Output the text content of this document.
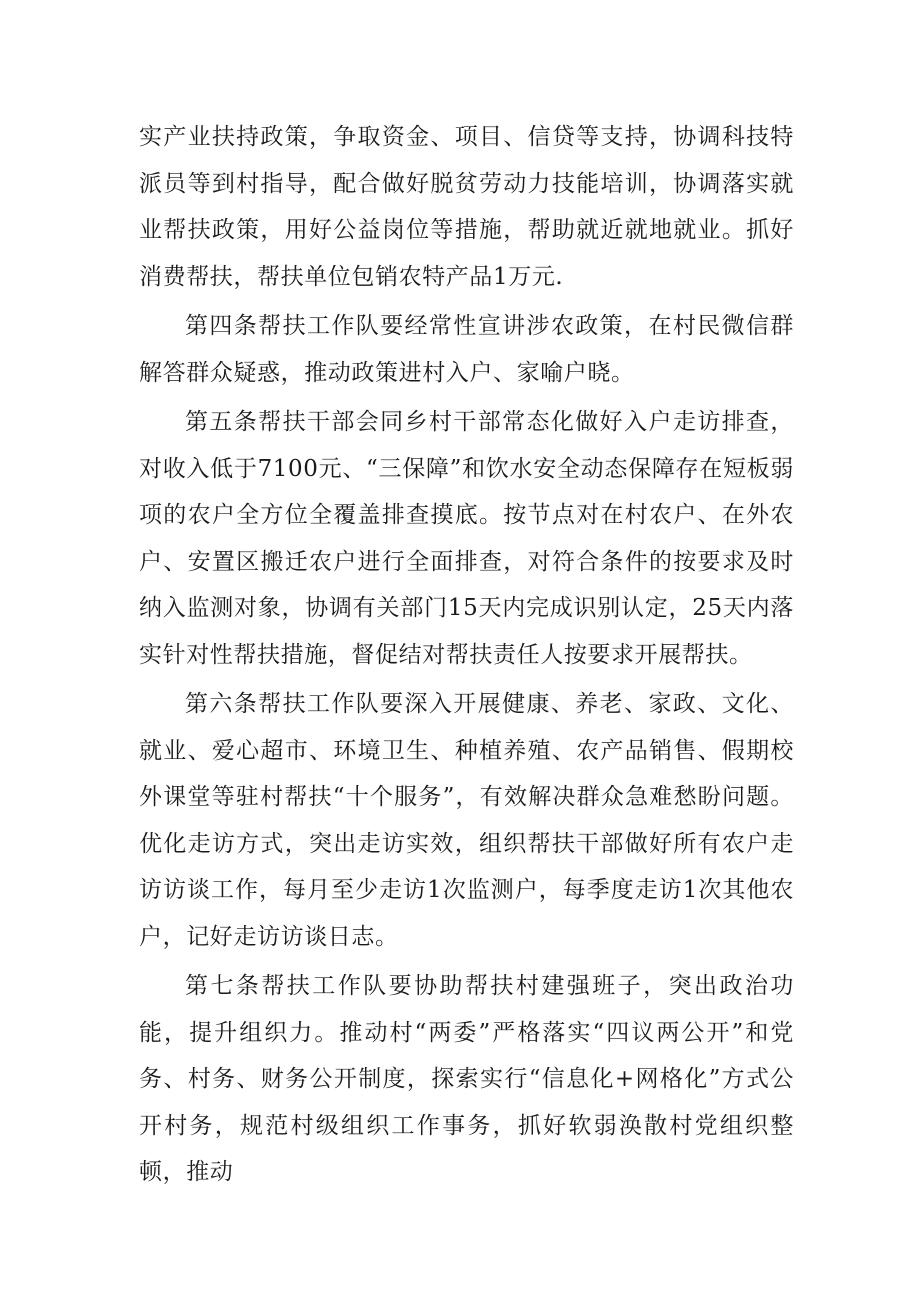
实产业扶持政策，争取资金、项目、信贷等支持，协调科技特派员等到村指导，配合做好脱贫劳动力技能培训，协调落实就业帮扶政策，用好公益岗位等措施，帮助就近就地就业。抓好消费帮扶，帮扶单位包销农特产品1万元.

第四条帮扶工作队要经常性宣讲涉农政策，在村民微信群解答群众疑惑，推动政策进村入户、家喻户晓。

第五条帮扶干部会同乡村干部常态化做好入户走访排查，对收入低于7100元、“三保障”和饮水安全动态保障存在短板弱项的农户全方位全覆盖排查摸底。按节点对在村农户、在外农户、安置区搬迁农户进行全面排查，对符合条件的按要求及时纳入监测对象，协调有关部门15天内完成识别认定，25天内落实针对性帮扶措施，督促结对帮扶责任人按要求开展帮扶。

第六条帮扶工作队要深入开展健康、养老、家政、文化、就业、爱心超市、环境卫生、种植养殖、农产品销售、假期校外课堂等驻村帮扶“十个服务”，有效解决群众急难愁盼问题。优化走访方式，突出走访实效，组织帮扶干部做好所有农户走访访谈工作，每月至少走访1次监测户，每季度走访1次其他农户，记好走访访谈日志。

第七条帮扶工作队要协助帮扶村建强班子，突出政治功能，提升组织力。推动村“两委”严格落实“四议两公开”和党务、村务、财务公开制度，探索实行“信息化+网格化”方式公开村务，规范村级组织工作事务，抓好软弱涣散村党组织整顿，推动
